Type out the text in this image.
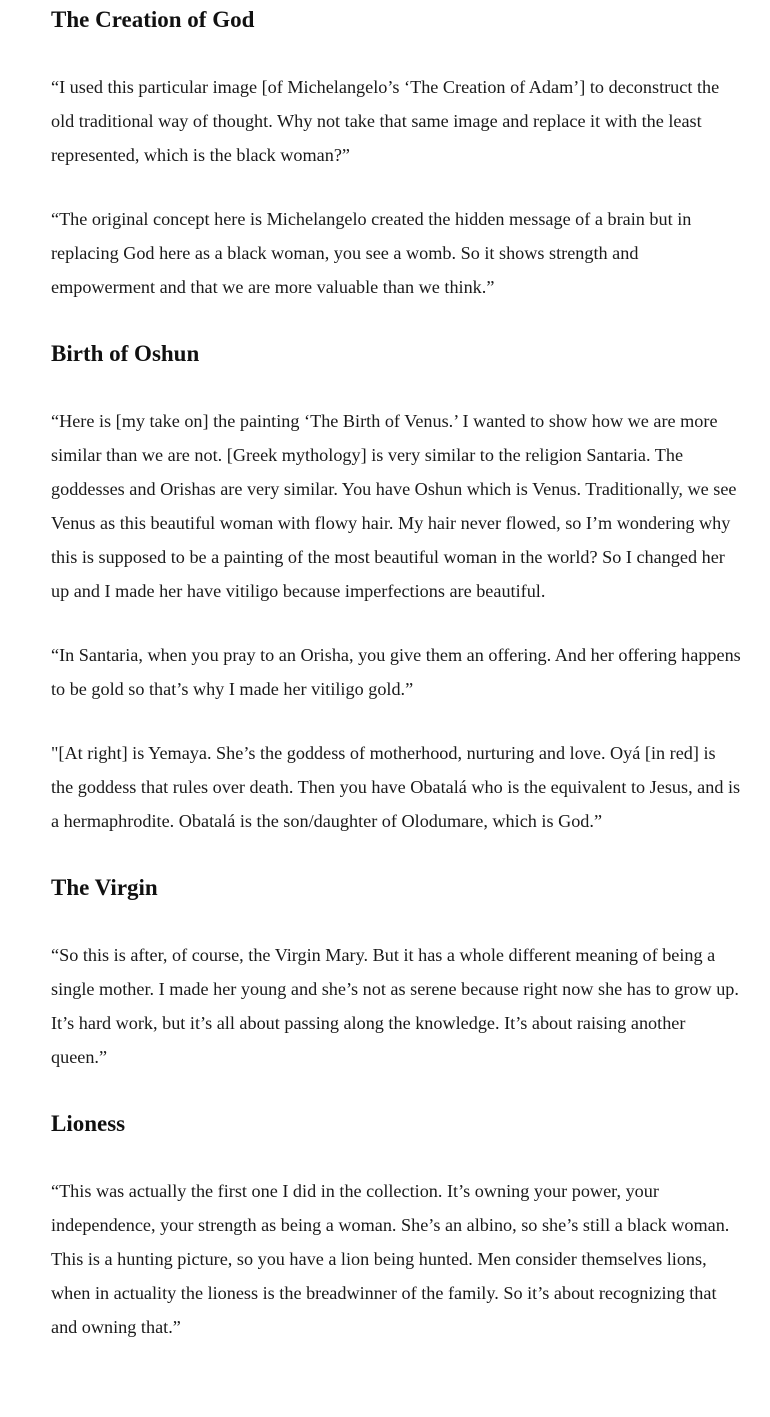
The Creation of God

“I used this particular image [of Michelangelo’s ‘The Creation of Adam’] to deconstruct the old traditional way of thought. Why not take that same image and replace it with the least represented, which is the black woman?”

“The original concept here is Michelangelo created the hidden message of a brain but in replacing God here as a black woman, you see a womb. So it shows strength and empowerment and that we are more valuable than we think.”

Birth of Oshun

“Here is [my take on] the painting ‘The Birth of Venus.’ I wanted to show how we are more similar than we are not. [Greek mythology] is very similar to the religion Santaria. The goddesses and Orishas are very similar. You have Oshun which is Venus. Traditionally, we see Venus as this beautiful woman with flowy hair. My hair never flowed, so I’m wondering why this is supposed to be a painting of the most beautiful woman in the world? So I changed her up and I made her have vitiligo because imperfections are beautiful.

“In Santaria, when you pray to an Orisha, you give them an offering. And her offering happens to be gold so that’s why I made her vitiligo gold.”

"[At right] is Yemaya. She’s the goddess of motherhood, nurturing and love. Oyá [in red] is the goddess that rules over death. Then you have Obatalá who is the equivalent to Jesus, and is a hermaphrodite. Obatalá is the son/daughter of Olodumare, which is God.”

The Virgin

“So this is after, of course, the Virgin Mary. But it has a whole different meaning of being a single mother. I made her young and she’s not as serene because right now she has to grow up. It’s hard work, but it’s all about passing along the knowledge. It’s about raising another queen.”

Lioness

“This was actually the first one I did in the collection. It’s owning your power, your independence, your strength as being a woman. She’s an albino, so she’s still a black woman. This is a hunting picture, so you have a lion being hunted. Men consider themselves lions, when in actuality the lioness is the breadwinner of the family. So it’s about recognizing that and owning that.”
